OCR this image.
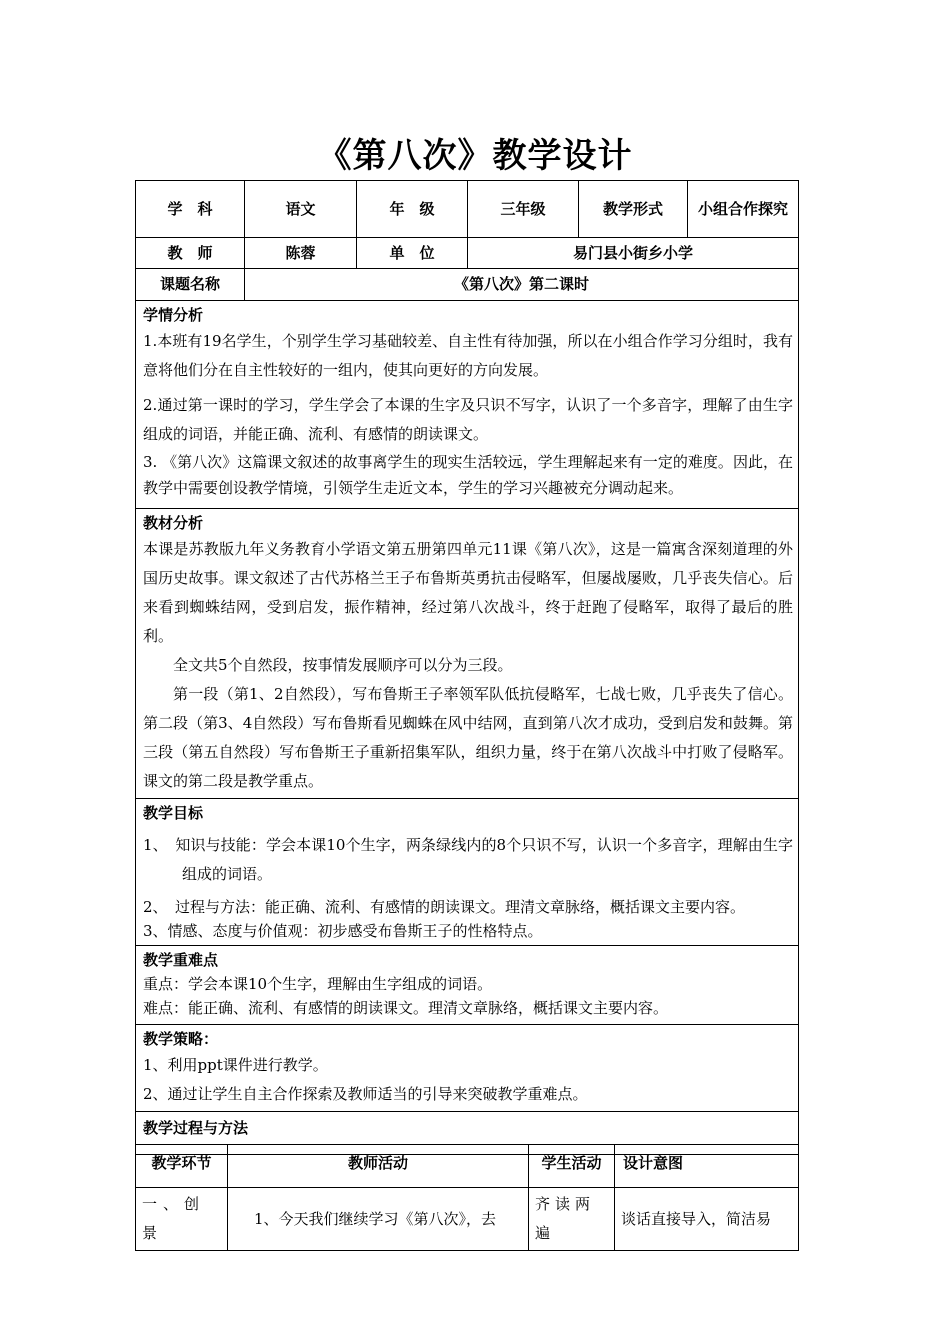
《第八次》教学设计
学　科	语文	年　级	三年级	教学形式	小组合作探究
教　师	陈蓉	单　位	易门县小街乡小学		
课题名称	《第八次》第二课时				

学情分析

1.本班有19名学生，个别学生学习基础较差、自主性有待加强，所以在小组合作学习分组时，我有意将他们分在自主性较好的一组内，使其向更好的方向发展。

2.通过第一课时的学习，学生学会了本课的生字及只识不写字，认识了一个多音字，理解了由生字组成的词语，并能正确、流利、有感情的朗读课文。

3. 《第八次》这篇课文叙述的故事离学生的现实生活较远，学生理解起来有一定的难度。因此，在教学中需要创设教学情境，引领学生走近文本，学生的学习兴趣被充分调动起来。					

教材分析

本课是苏教版九年义务教育小学语文第五册第四单元11课《第八次》，这是一篇寓含深刻道理的外国历史故事。课文叙述了古代苏格兰王子布鲁斯英勇抗击侵略军，但屡战屡败，几乎丧失信心。后来看到蜘蛛结网，受到启发，振作精神，经过第八次战斗，终于赶跑了侵略军，取得了最后的胜利。

全文共5个自然段，按事情发展顺序可以分为三段。

第一段（第1、2自然段），写布鲁斯王子率领军队低抗侵略军，七战七败，几乎丧失了信心。第二段（第3、4自然段）写布鲁斯看见蜘蛛在风中结网，直到第八次才成功，受到启发和鼓舞。第三段（第五自然段）写布鲁斯王子重新招集军队，组织力量，终于在第八次战斗中打败了侵略军。课文的第二段是教学重点。					

教学目标

1、　知识与技能：学会本课10个生字，两条绿线内的8个只识不写，认识一个多音字，理解由生字组成的词语。

2、　过程与方法：能正确、流利、有感情的朗读课文。理清文章脉络，概括课文主要内容。

3、情感、态度与价值观：初步感受布鲁斯王子的性格特点。					

教学重难点

重点：学会本课10个生字，理解由生字组成的词语。

难点：能正确、流利、有感情的朗读课文。理清文章脉络，概括课文主要内容。					

教学策略：

1、利用ppt课件进行教学。

2、通过让学生自主合作探索及教师适当的引导来突破教学重难点。					

教学过程与方法					
教学环节	教师活动	学生活动	设计意图
一、创景	1、今天我们继续学习《第八次》，去	齐读两遍	谈话直接导入，简洁易
